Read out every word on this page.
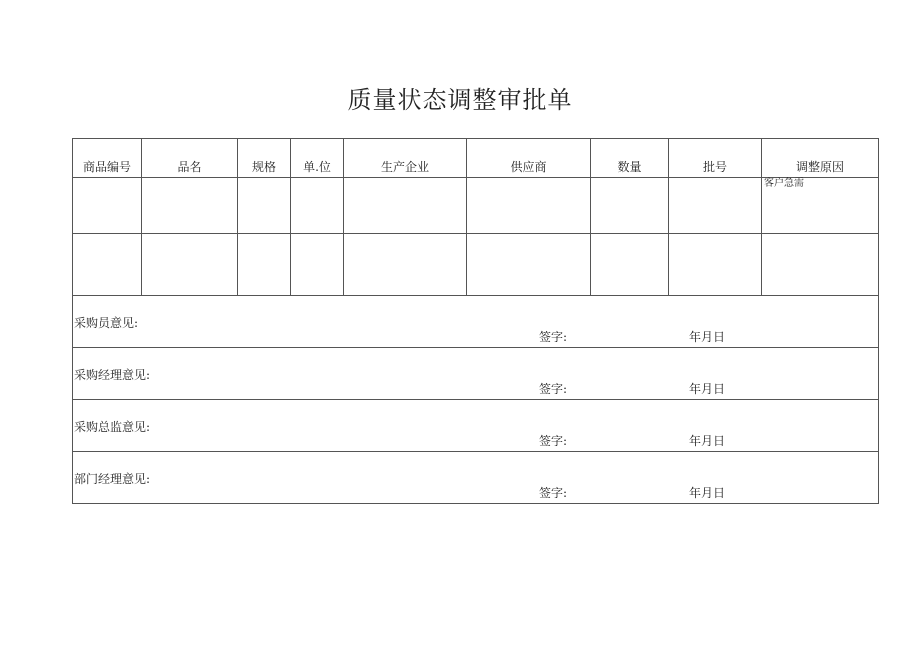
质量状态调整审批单
商品编号	品名	规格	单.位	生产企业	供应商	数量	批号	调整原因

								客户急需

采购员意见:
签字: 年月日								

采购经理意见:
签字: 年月日								

采购总监意见:
签字: 年月日								

部门经理意见:
签字: 年月日								
